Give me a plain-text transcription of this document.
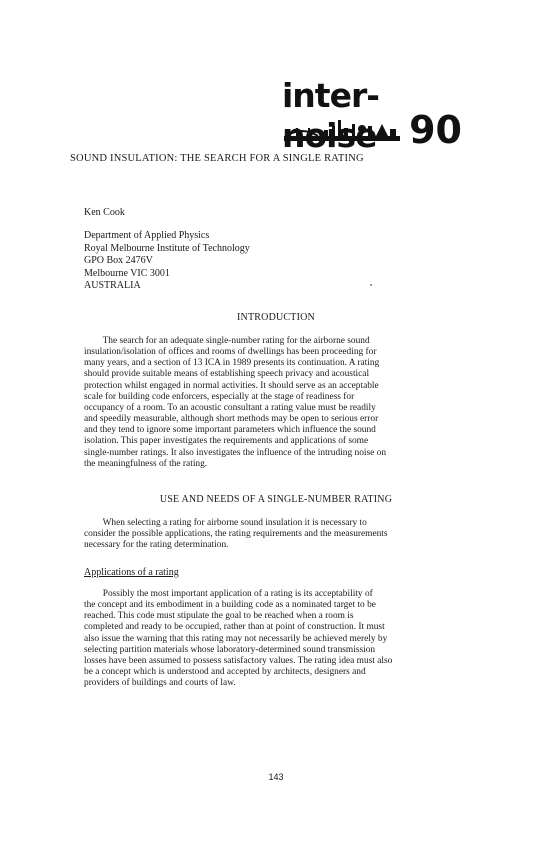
inter-noise 90
SOUND INSULATION: THE SEARCH FOR A SINGLE RATING
Ken Cook
Department of Applied Physics
Royal Melbourne Institute of Technology
GPO Box 2476V
Melbourne VIC 3001
AUSTRALIA
INTRODUCTION
The search for an adequate single-number rating for the airborne sound
insulation/isolation of offices and rooms of dwellings has been proceeding for
many years, and a section of 13 ICA in 1989 presents its continuation. A rating
should provide suitable means of establishing speech privacy and acoustical
protection whilst engaged in normal activities. It should serve as an acceptable
scale for building code enforcers, especially at the stage of readiness for
occupancy of a room. To an acoustic consultant a rating value must be readily
and speedily measurable, although short methods may be open to serious error
and they tend to ignore some important parameters which influence the sound
isolation. This paper investigates the requirements and applications of some
single-number ratings. It also investigates the influence of the intruding noise on
the meaningfulness of the rating.
USE AND NEEDS OF A SINGLE-NUMBER RATING
When selecting a rating for airborne sound insulation it is necessary to
consider the possible applications, the rating requirements and the measurements
necessary for the rating determination.
Applications of a rating
Possibly the most important application of a rating is its acceptability of
the concept and its embodiment in a building code as a nominated target to be
reached. This code must stipulate the goal to be reached when a room is
completed and ready to be occupied, rather than at point of construction. It must
also issue the warning that this rating may not necessarily be achieved merely by
selecting partition materials whose laboratory-determined sound transmission
losses have been assumed to possess satisfactory values. The rating idea must also
be a concept which is understood and accepted by architects, designers and
providers of buildings and courts of law.
143
